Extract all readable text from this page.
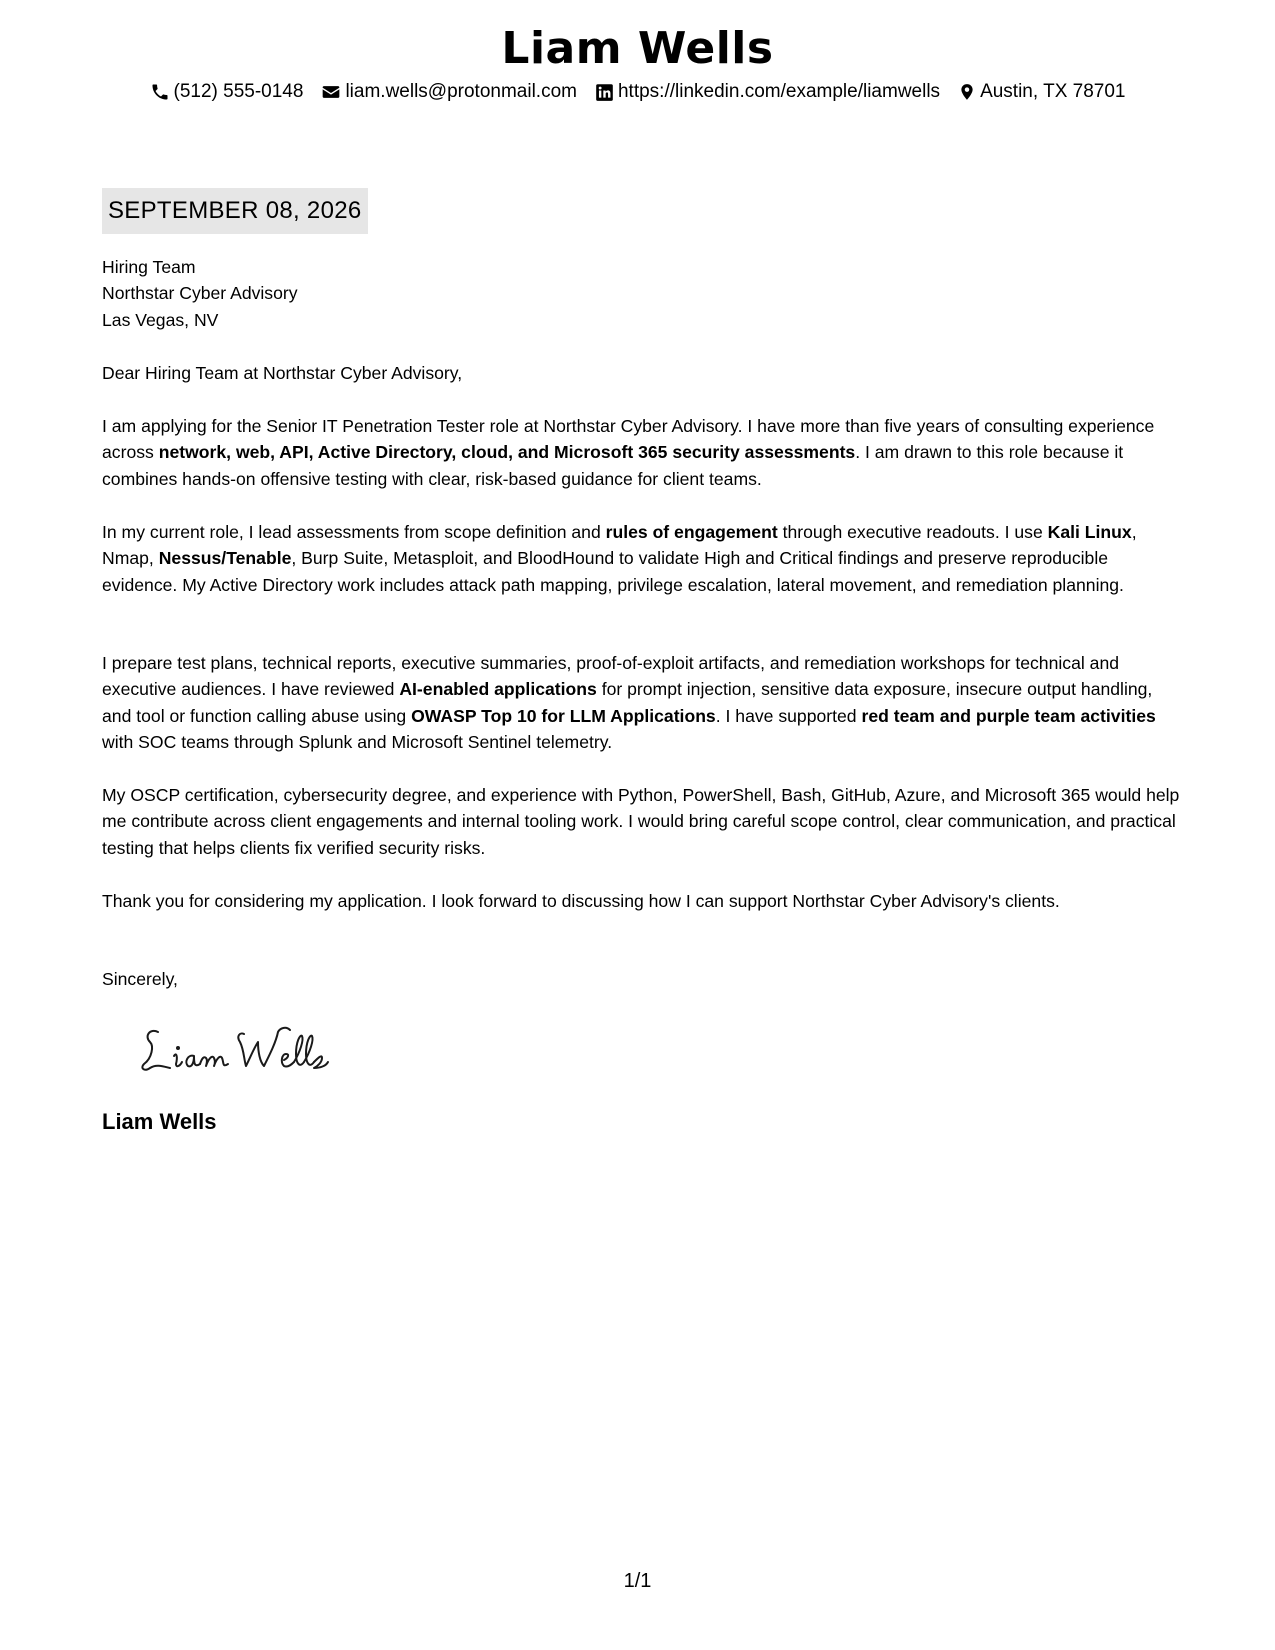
Liam Wells
(512) 555-0148 liam.wells@protonmail.com https://linkedin.com/example/liamwells Austin, TX 78701
SEPTEMBER 08, 2026
Hiring Team
Northstar Cyber Advisory
Las Vegas, NV
Dear Hiring Team at Northstar Cyber Advisory,
I am applying for the Senior IT Penetration Tester role at Northstar Cyber Advisory. I have more than five years of consulting experience across network, web, API, Active Directory, cloud, and Microsoft 365 security assessments. I am drawn to this role because it combines hands-on offensive testing with clear, risk-based guidance for client teams.
In my current role, I lead assessments from scope definition and rules of engagement through executive readouts. I use Kali Linux, Nmap, Nessus/Tenable, Burp Suite, Metasploit, and BloodHound to validate High and Critical findings and preserve reproducible evidence. My Active Directory work includes attack path mapping, privilege escalation, lateral movement, and remediation planning.
I prepare test plans, technical reports, executive summaries, proof-of-exploit artifacts, and remediation workshops for technical and executive audiences. I have reviewed AI-enabled applications for prompt injection, sensitive data exposure, insecure output handling, and tool or function calling abuse using OWASP Top 10 for LLM Applications. I have supported red team and purple team activities with SOC teams through Splunk and Microsoft Sentinel telemetry.
My OSCP certification, cybersecurity degree, and experience with Python, PowerShell, Bash, GitHub, Azure, and Microsoft 365 would help me contribute across client engagements and internal tooling work. I would bring careful scope control, clear communication, and practical testing that helps clients fix verified security risks.
Thank you for considering my application. I look forward to discussing how I can support Northstar Cyber Advisory's clients.
Sincerely,
Liam Wells
1/1
